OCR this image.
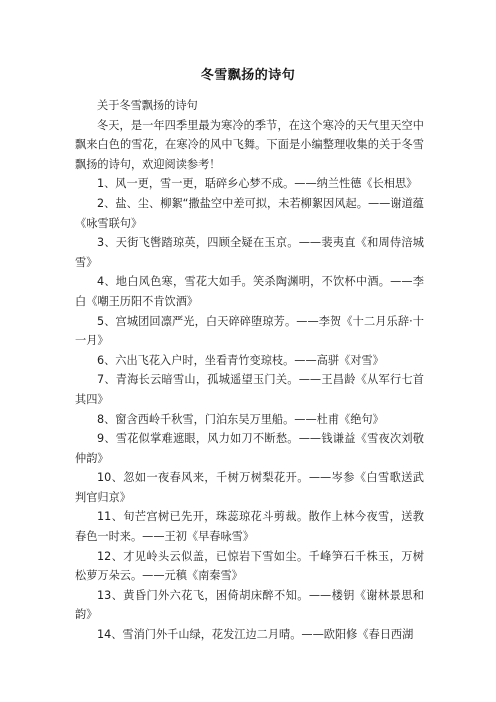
冬雪飘扬的诗句

关于冬雪飘扬的诗句

冬天，是一年四季里最为寒冷的季节，在这个寒冷的天气里天空中飘来白色的雪花，在寒冷的风中飞舞。下面是小编整理收集的关于冬雪飘扬的诗句，欢迎阅读参考！

1、风一更，雪一更，聒碎乡心梦不成。——纳兰性德《长相思》

2、盐、尘、柳絮“撒盐空中差可拟，未若柳絮因风起。——谢道蕴《咏雪联句》

3、天街飞辔踏琼英，四顾全疑在玉京。——裴夷直《和周侍涪城雪》

4、地白风色寒，雪花大如手。笑杀陶渊明，不饮杯中酒。——李白《嘲王历阳不肯饮酒》

5、宫城团回凛严光，白天碎碎堕琼芳。——李贺《十二月乐辞·十一月》

6、六出飞花入户时，坐看青竹变琼枝。——高骈《对雪》

7、青海长云暗雪山，孤城遥望玉门关。——王昌龄《从军行七首其四》

8、窗含西岭千秋雪，门泊东吴万里船。——杜甫《绝句》

9、雪花似掌难遮眼，风力如刀不断愁。——钱谦益《雪夜次刘敬仲韵》

10、忽如一夜春风来，千树万树梨花开。——岑参《白雪歌送武判官归京》

11、旬芒宫树已先开，珠蕊琼花斗剪裁。散作上林今夜雪，送教春色一时来。——王初《早春咏雪》

12、才见岭头云似盖，已惊岩下雪如尘。千峰笋石千株玉，万树松萝万朵云。——元稹《南秦雪》

13、黄昏门外六花飞，困倚胡床醉不知。——楼钥《谢林景思和韵》

14、雪消门外千山绿，花发江边二月晴。——欧阳修《春日西湖
